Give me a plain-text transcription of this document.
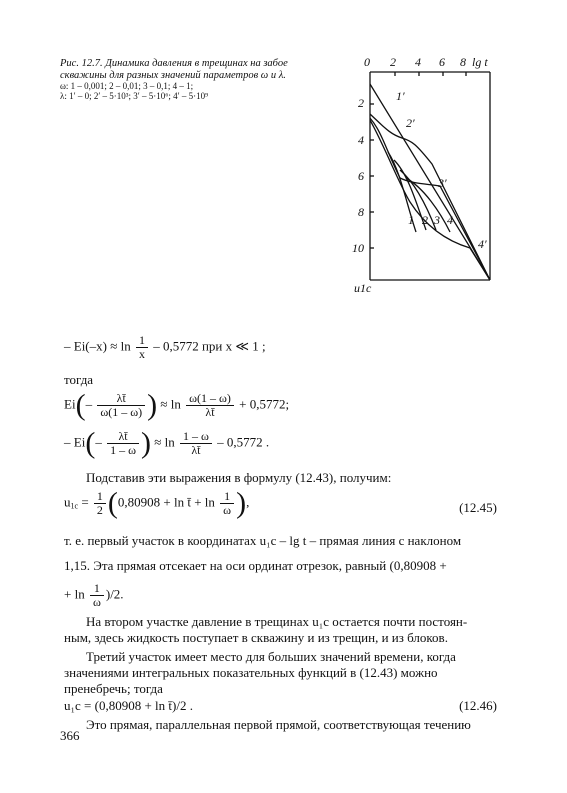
Рис. 12.7. Динамика давления в трещинах на забое
скважины для разных значений параметров ω и λ.
ω: 1 – 0,001; 2 – 0,01; 3 – 0,1; 4 – 1;
λ: 1′ – 0; 2′ – 5·10³; 3′ – 5·10⁶; 4′ – 5·10⁹
0 2 4 6 8 lg t
2
4
6
8
10
u1c
1′
2′
3′
4′
1 2 3 4
– $Ei(-x) \approx \ln \frac{1}{x} - 0,5772$ при x ≪ 1 ;
тогда
$Ei(- \frac{\lambda t̄}{\omega(1 - \omega)}$ ) ≈ $\ln \frac{\omega(1 - \omega)}{\lambda t̄} + 0,5772$;
– $Ei(- \frac{\lambda t̄}{1 - \omega}$ ) ≈ $\ln \frac{1 - \omega}{\lambda t̄} - 0,5772$ .
Подставив эти выражения в формулу (12.43), получим:
$u_{1c} = \frac{1}{2} (0,80908 + \ln$ t̄ + $\ln \frac{1}{\omega}$ ),	(12.45)
т. е. первый участок в координатах u₁c – lg t – прямая линия с наклоном
1,15. Эта прямая отсекает на оси ординат отрезок, равный (0,80908 +
+ $\ln \frac{1}{\omega} )/2$.
На втором участке давление в трещинах u₁c остается почти постоян-
ным, здесь жидкость поступает в скважину и из трещин, и из блоков.
Третий участок имеет место для больших значений времени, когда
значениями интегральных показательных функций в (12.43) можно
пренебречь; тогда
u₁c = (0,80908 + ln t̄)/2 .	(12.46)
Это прямая, параллельная первой прямой, соответствующая течению
366
